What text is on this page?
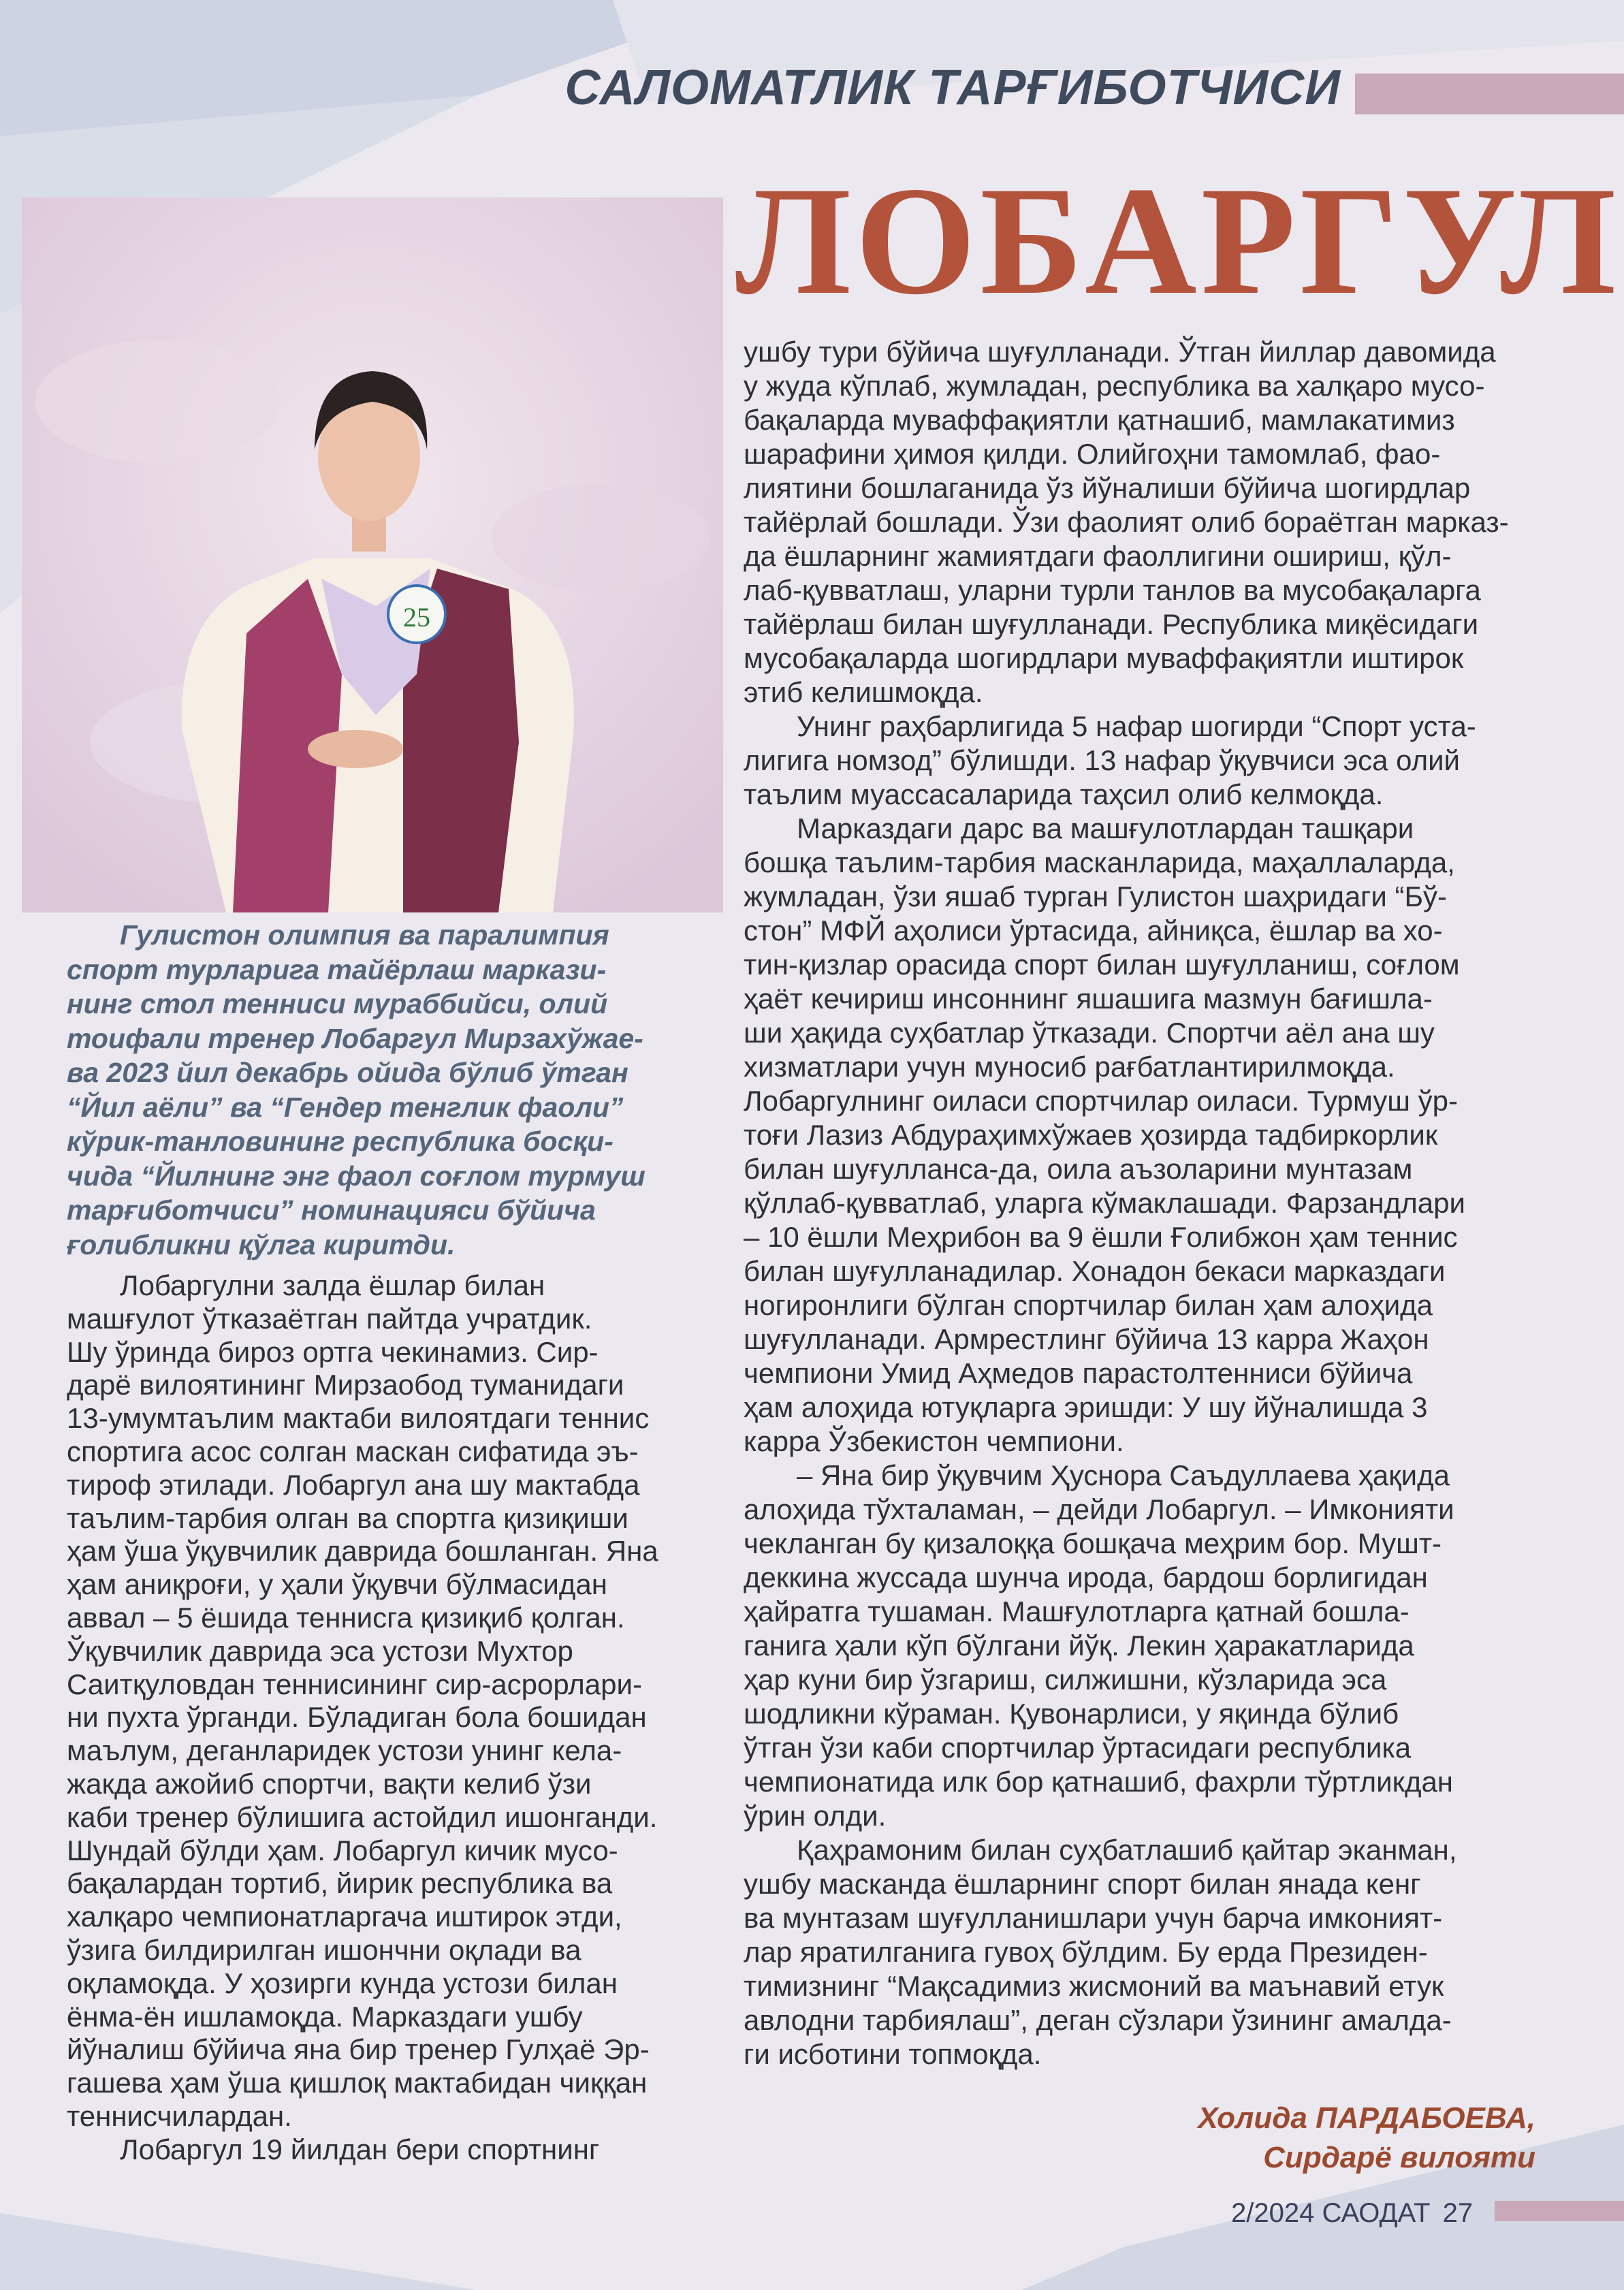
САЛОМАТЛИК ТАРҒИБОТЧИСИ
ЛОБАРГУЛ
25
Гулистон олимпия ва паралимпия
спорт турларига тайёрлаш маркази-
нинг стол тенниси мураббийси, олий
тоифали тренер Лобаргул Мирзахўжае-
ва 2023 йил декабрь ойида бўлиб ўтган
“Йил аёли” ва “Гендер тенглик фаоли”
кўрик-танловининг республика босқи-
чида “Йилнинг энг фаол соғлом турмуш
тарғиботчиси” номинацияси бўйича
ғолибликни қўлга киритди.
Лобаргулни залда ёшлар билан
машғулот ўтказаётган пайтда учратдик.
Шу ўринда бироз ортга чекинамиз. Сир-
дарё вилоятининг Мирзаобод туманидаги
13-умумтаълим мактаби вилоятдаги теннис
спортига асос солган маскан сифатида эъ-
тироф этилади. Лобаргул ана шу мактабда
таълим-тарбия олган ва спортга қизиқиши
ҳам ўша ўқувчилик даврида бошланган. Яна
ҳам аниқроғи, у ҳали ўқувчи бўлмасидан
аввал – 5 ёшида теннисга қизиқиб қолган.
Ўқувчилик даврида эса устози Мухтор
Саитқуловдан теннисининг сир-асрорлари-
ни пухта ўрганди. Бўладиган бола бошидан
маълум, деганларидек устози унинг кела-
жакда ажойиб спортчи, вақти келиб ўзи
каби тренер бўлишига астойдил ишонганди.
Шундай бўлди ҳам. Лобаргул кичик мусо-
бақалардан тортиб, йирик республика ва
халқаро чемпионатларгача иштирок этди,
ўзига билдирилган ишончни оқлади ва
оқламоқда. У ҳозирги кунда устози билан
ёнма-ён ишламоқда. Марказдаги ушбу
йўналиш бўйича яна бир тренер Гулҳаё Эр-
гашева ҳам ўша қишлоқ мактабидан чиққан
теннисчилардан.
Лобаргул 19 йилдан бери спортнинг
ушбу тури бўйича шуғулланади. Ўтган йиллар давомида
у жуда кўплаб, жумладан, республика ва халқаро мусо-
бақаларда муваффақиятли қатнашиб, мамлакатимиз
шарафини ҳимоя қилди. Олийгоҳни тамомлаб, фао-
лиятини бошлаганида ўз йўналиши бўйича шогирдлар
тайёрлай бошлади. Ўзи фаолият олиб бораётган марказ-
да ёшларнинг жамиятдаги фаоллигини ошириш, қўл-
лаб-қувватлаш, уларни турли танлов ва мусобақаларга
тайёрлаш билан шуғулланади. Республика миқёсидаги
мусобақаларда шогирдлари муваффақиятли иштирок
этиб келишмоқда.
Унинг раҳбарлигида 5 нафар шогирди “Спорт уста-
лигига номзод” бўлишди. 13 нафар ўқувчиси эса олий
таълим муассасаларида таҳсил олиб келмоқда.
Марказдаги дарс ва машғулотлардан ташқари
бошқа таълим-тарбия масканларида, маҳаллаларда,
жумладан, ўзи яшаб турган Гулистон шаҳридаги “Бў-
стон” МФЙ аҳолиси ўртасида, айниқса, ёшлар ва хо-
тин-қизлар орасида спорт билан шуғулланиш, соғлом
ҳаёт кечириш инсоннинг яшашига мазмун бағишла-
ши ҳақида суҳбатлар ўтказади. Спортчи аёл ана шу
хизматлари учун муносиб рағбатлантирилмоқда.
Лобаргулнинг оиласи спортчилар оиласи. Турмуш ўр-
тоғи Лазиз Абдураҳимхўжаев ҳозирда тадбиркорлик
билан шуғулланса-да, оила аъзоларини мунтазам
қўллаб-қувватлаб, уларга кўмаклашади. Фарзандлари
– 10 ёшли Меҳрибон ва 9 ёшли Ғолибжон ҳам теннис
билан шуғулланадилар. Хонадон бекаси марказдаги
ногиронлиги бўлган спортчилар билан ҳам алоҳида
шуғулланади. Армрестлинг бўйича 13 карра Жаҳон
чемпиони Умид Аҳмедов парастолтенниси бўйича
ҳам алоҳида ютуқларга эришди: У шу йўналишда 3
карра Ўзбекистон чемпиони.
– Яна бир ўқувчим Ҳуснора Саъдуллаева ҳақида
алоҳида тўхталаман, – дейди Лобаргул. – Имконияти
чекланган бу қизалоққа бошқача меҳрим бор. Мушт-
деккина жуссада шунча ирода, бардош борлигидан
ҳайратга тушаман. Машғулотларга қатнай бошла-
ганига ҳали кўп бўлгани йўқ. Лекин ҳаракатларида
ҳар куни бир ўзгариш, силжишни, кўзларида эса
шодликни кўраман. Қувонарлиси, у яқинда бўлиб
ўтган ўзи каби спортчилар ўртасидаги республика
чемпионатида илк бор қатнашиб, фахрли тўртликдан
ўрин олди.
Қаҳрамоним билан суҳбатлашиб қайтар эканман,
ушбу масканда ёшларнинг спорт билан янада кенг
ва мунтазам шуғулланишлари учун барча имконият-
лар яратилганига гувоҳ бўлдим. Бу ерда Президен-
тимизнинг “Мақсадимиз жисмоний ва маънавий етук
авлодни тарбиялаш”, деган сўзлари ўзининг амалда-
ги исботини топмоқда.
Холида ПАРДАБОЕВА,
Сирдарё вилояти
2/2024 САОДАТ 27
